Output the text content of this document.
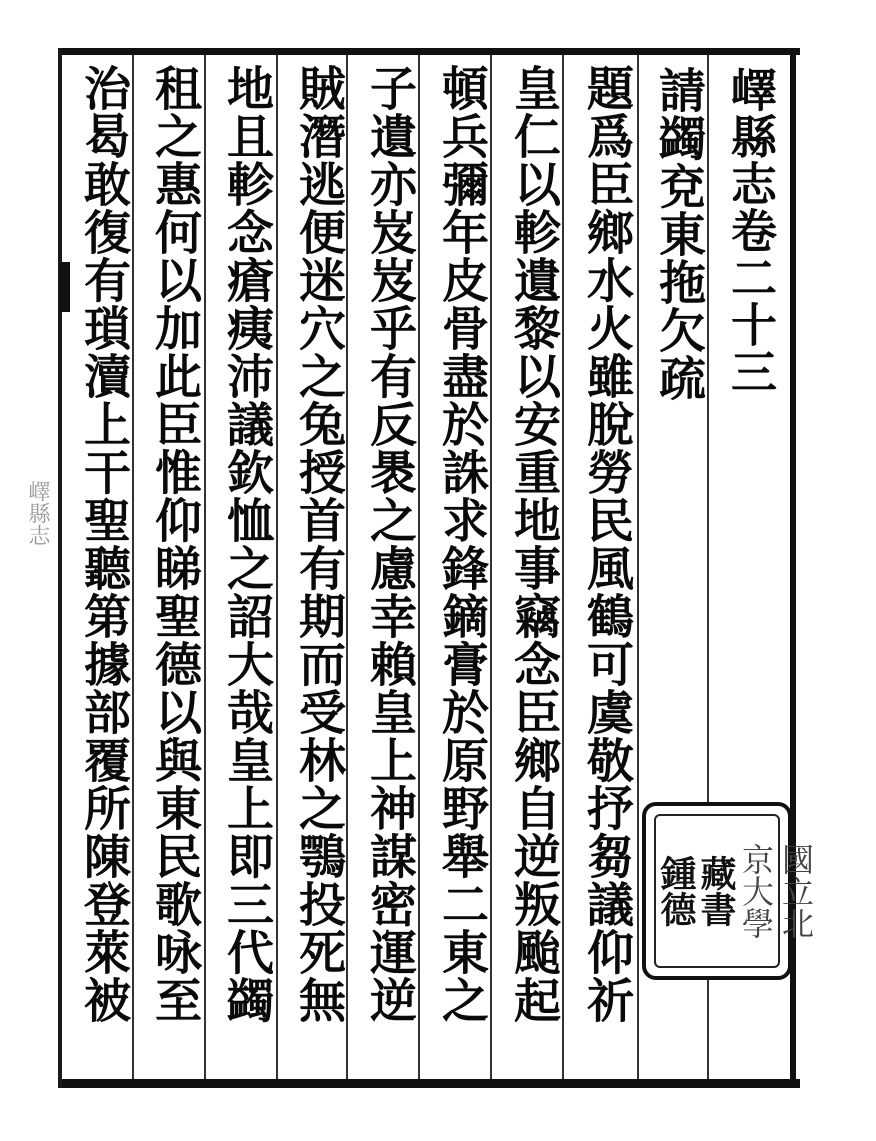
嶧縣志卷二十三
請蠲兗東拖欠疏
題爲臣鄉水火雖脫勞民風鶴可虞敬抒芻議仰祈
皇仁以軫遺黎以安重地事竊念臣鄉自逆叛颱起
頓兵彌年皮骨盡於誅求鋒鏑膏於原野舉二東之
子遺亦岌岌乎有反褁之慮幸賴皇上神謀密運逆
賊潛逃便迷穴之兔授首有期而受林之鶚投死無
地且軫念瘡痍沛議欽恤之詔大哉皇上即三代蠲
租之惠何以加此臣惟仰睇聖德以與東民歌咏至
治曷敢復有瑣瀆上干聖聽第據部覆所陳登萊被
嶧縣志
國立北
京大學
藏書
鍾德
